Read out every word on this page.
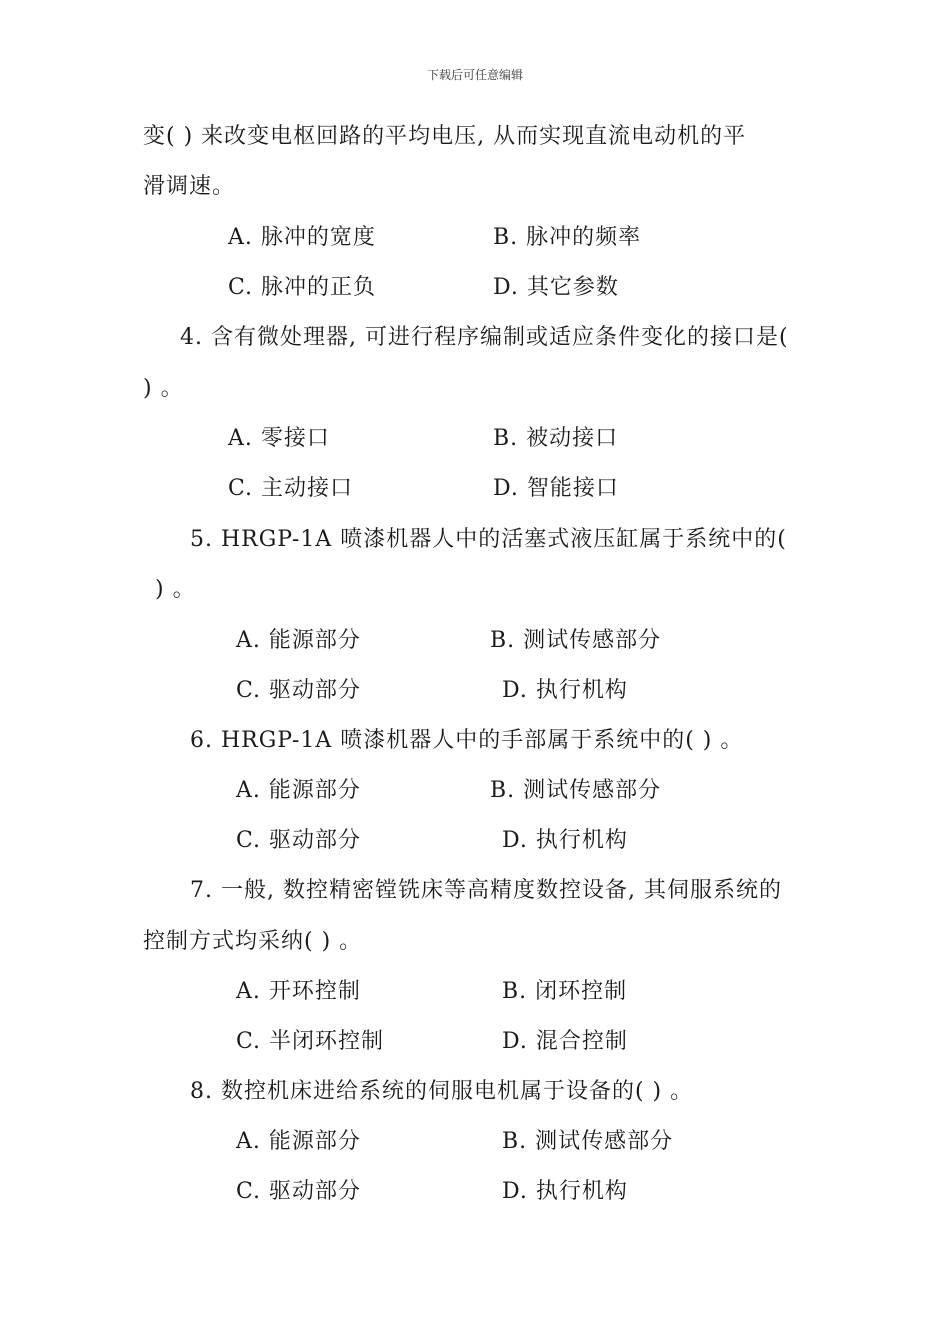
下载后可任意编辑
变( ) 来改变电枢回路的平均电压, 从而实现直流电动机的平
滑调速。
A. 脉冲的宽度	B. 脉冲的频率
C. 脉冲的正负	D. 其它参数
4. 含有微处理器, 可进行程序编制或适应条件变化的接口是(
) 。
A. 零接口	B. 被动接口
C. 主动接口	D. 智能接口
5. HRGP-1A 喷漆机器人中的活塞式液压缸属于系统中的(
) 。
A. 能源部分	B. 测试传感部分
C. 驱动部分	D. 执行机构
6. HRGP-1A 喷漆机器人中的手部属于系统中的( ) 。
A. 能源部分	B. 测试传感部分
C. 驱动部分	D. 执行机构
7. 一般, 数控精密镗铣床等高精度数控设备, 其伺服系统的
控制方式均采纳( ) 。
A. 开环控制	B. 闭环控制
C. 半闭环控制	D. 混合控制
8. 数控机床进给系统的伺服电机属于设备的( ) 。
A. 能源部分	B. 测试传感部分
C. 驱动部分	D. 执行机构
